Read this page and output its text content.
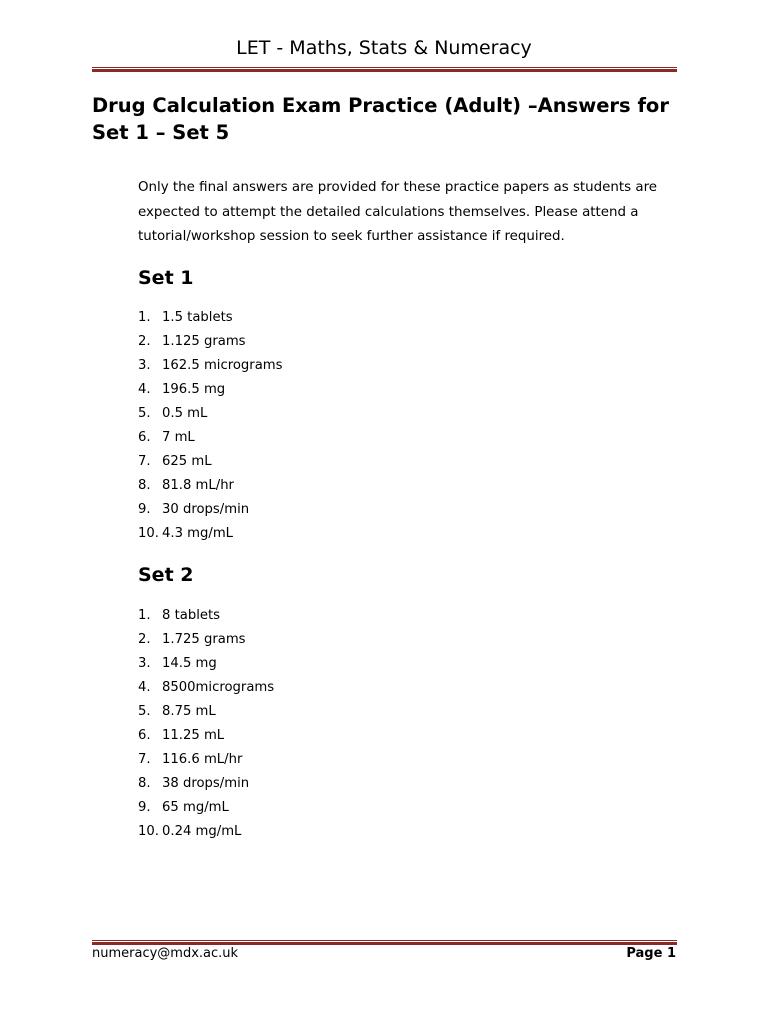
LET - Maths, Stats & Numeracy
Drug Calculation Exam Practice (Adult) –Answers for Set 1 – Set 5
Only the final answers are provided for these practice papers as students are expected to attempt the detailed calculations themselves. Please attend a tutorial/workshop session to seek further assistance if required.
Set 1
1. 1.5 tablets
2. 1.125 grams
3. 162.5 micrograms
4. 196.5 mg
5. 0.5 mL
6. 7 mL
7. 625 mL
8. 81.8 mL/hr
9. 30 drops/min
10. 4.3 mg/mL
Set 2
1. 8 tablets
2. 1.725 grams
3. 14.5 mg
4. 8500micrograms
5. 8.75 mL
6. 11.25 mL
7. 116.6 mL/hr
8. 38 drops/min
9. 65 mg/mL
10. 0.24 mg/mL
numeracy@mdx.ac.uk	Page 1
